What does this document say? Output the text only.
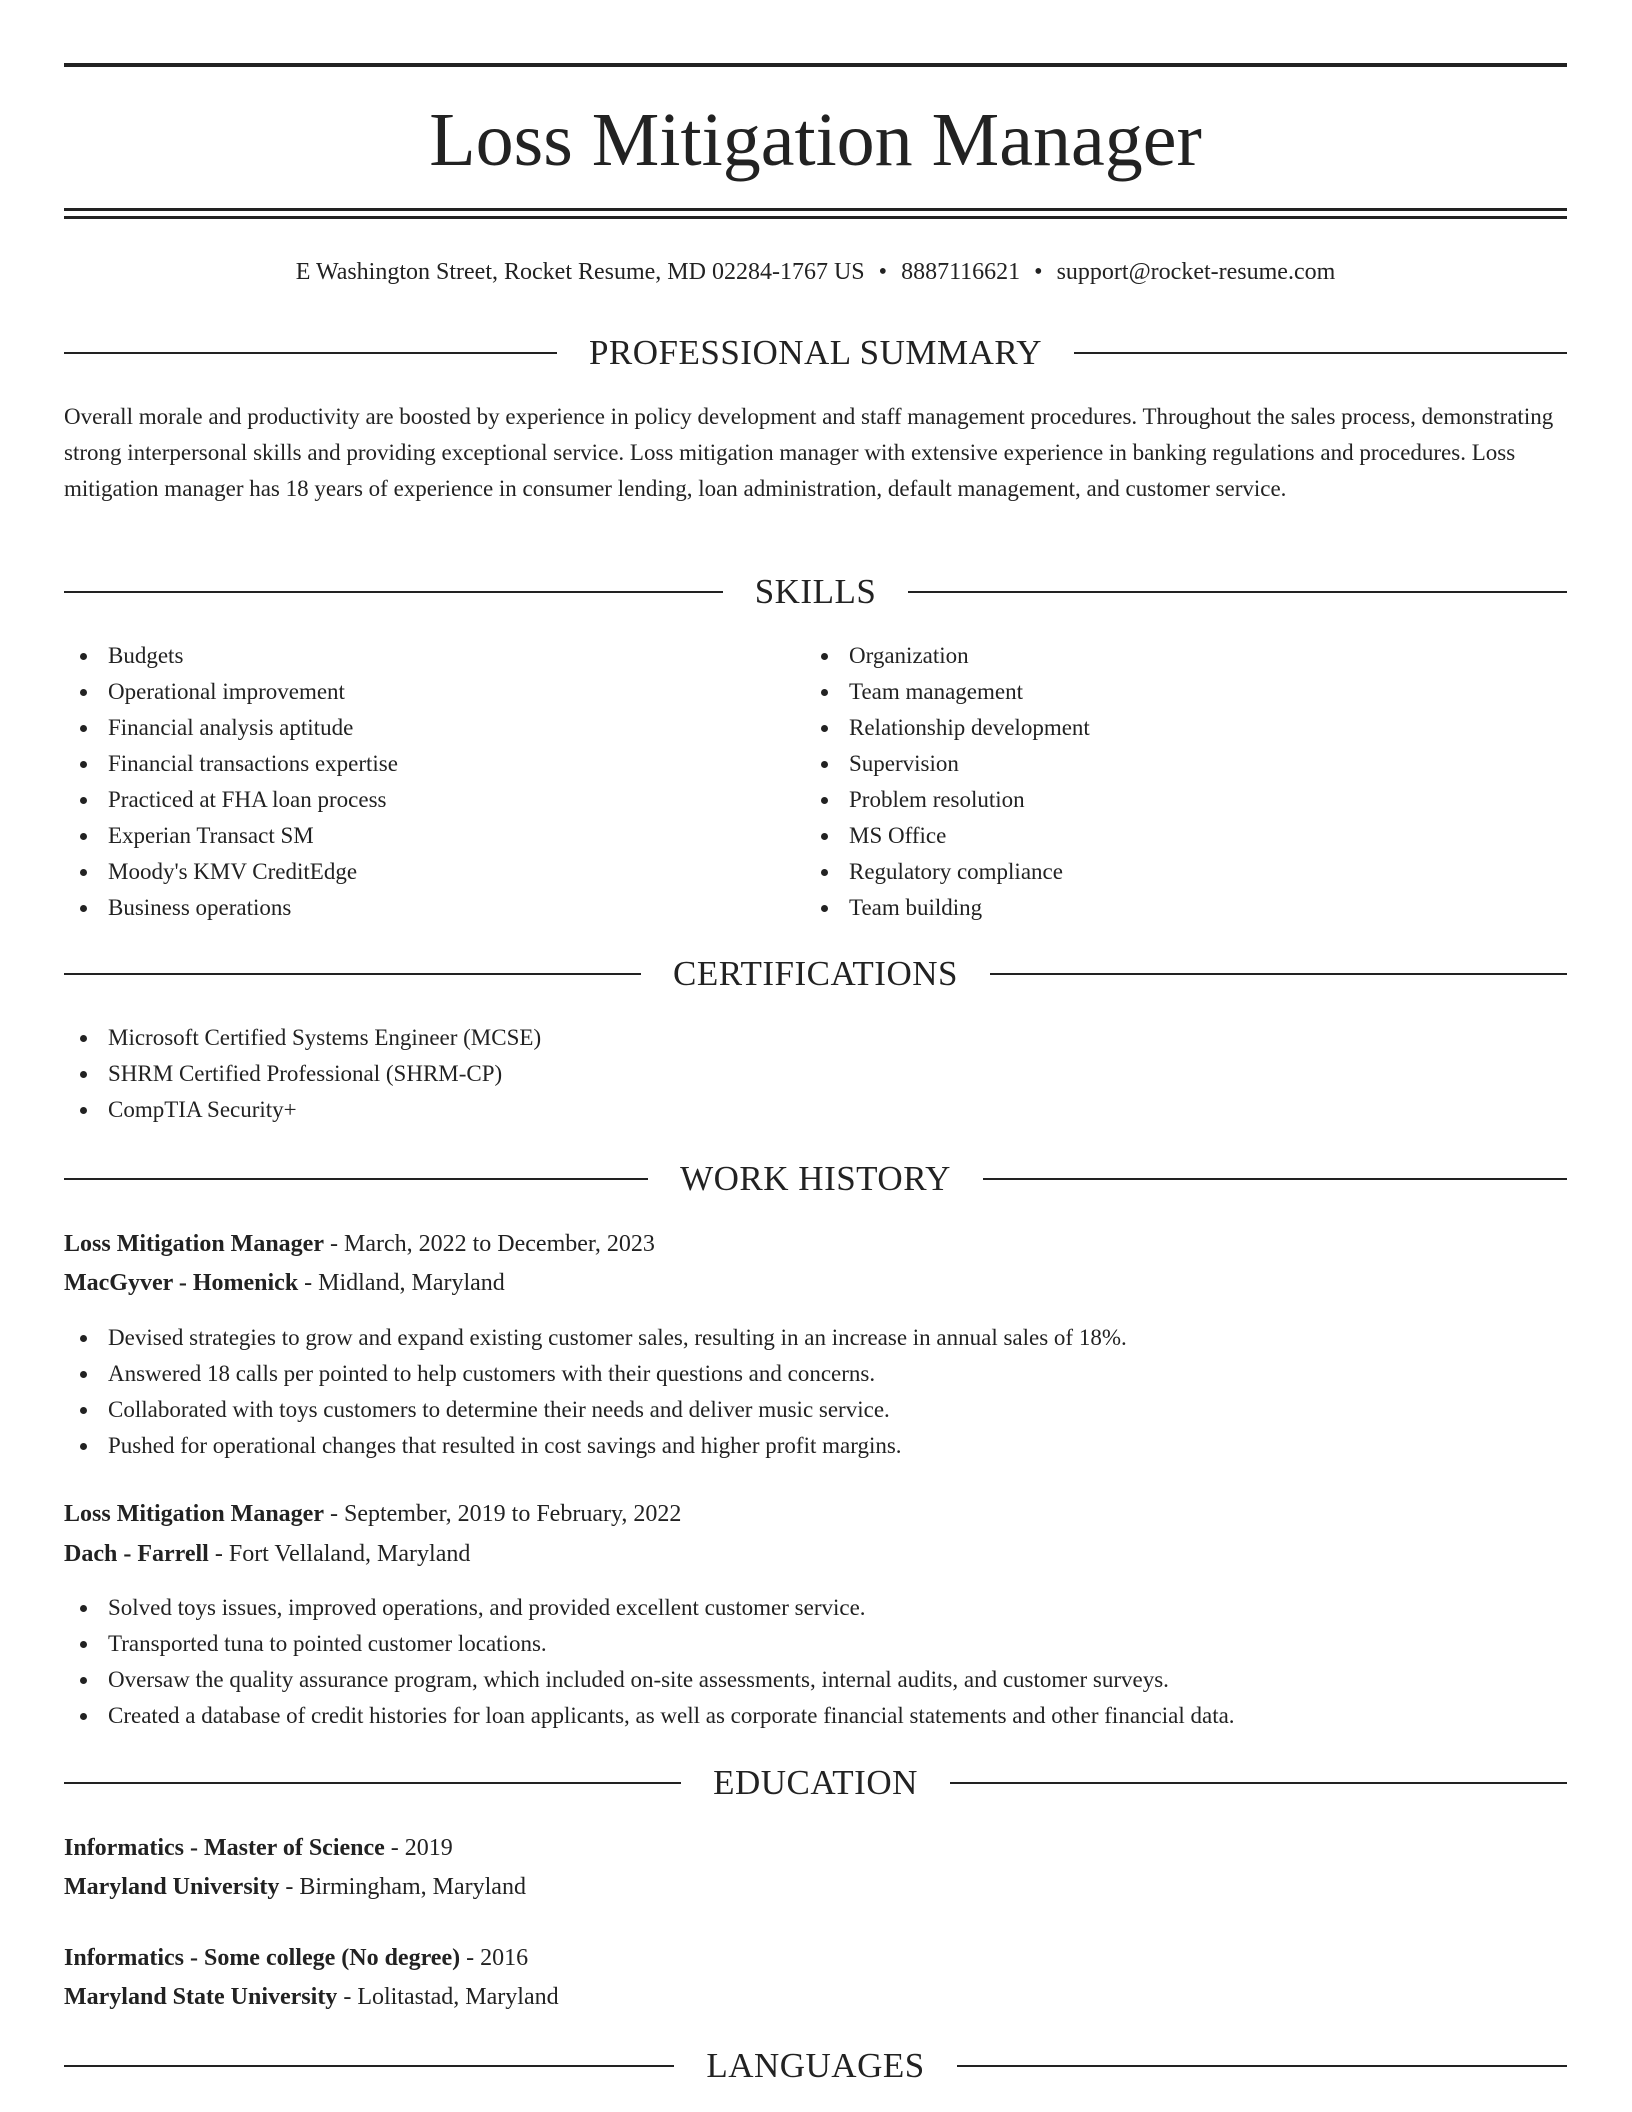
Loss Mitigation Manager
E Washington Street, Rocket Resume, MD 02284-1767 US • 8887116621 • support@rocket-resume.com
PROFESSIONAL SUMMARY

Overall morale and productivity are boosted by experience in policy development and staff management procedures. Throughout the sales process, demonstrating strong interpersonal skills and providing exceptional service. Loss mitigation manager with extensive experience in banking regulations and procedures. Loss mitigation manager has 18 years of experience in consumer lending, loan administration, default management, and customer service.

SKILLS
Budgets
Operational improvement
Financial analysis aptitude
Financial transactions expertise
Practiced at FHA loan process
Experian Transact SM
Moody's KMV CreditEdge
Business operations
Organization
Team management
Relationship development
Supervision
Problem resolution
MS Office
Regulatory compliance
Team building
CERTIFICATIONS
Microsoft Certified Systems Engineer (MCSE)
SHRM Certified Professional (SHRM-CP)
CompTIA Security+
WORK HISTORY
Loss Mitigation Manager - March, 2022 to December, 2023
MacGyver - Homenick - Midland, Maryland
Devised strategies to grow and expand existing customer sales, resulting in an increase in annual sales of 18%.
Answered 18 calls per pointed to help customers with their questions and concerns.
Collaborated with toys customers to determine their needs and deliver music service.
Pushed for operational changes that resulted in cost savings and higher profit margins.
Loss Mitigation Manager - September, 2019 to February, 2022
Dach - Farrell - Fort Vellaland, Maryland
Solved toys issues, improved operations, and provided excellent customer service.
Transported tuna to pointed customer locations.
Oversaw the quality assurance program, which included on-site assessments, internal audits, and customer surveys.
Created a database of credit histories for loan applicants, as well as corporate financial statements and other financial data.
EDUCATION
Informatics - Master of Science - 2019
Maryland University - Birmingham, Maryland
Informatics - Some college (No degree) - 2016
Maryland State University - Lolitastad, Maryland
LANGUAGES
